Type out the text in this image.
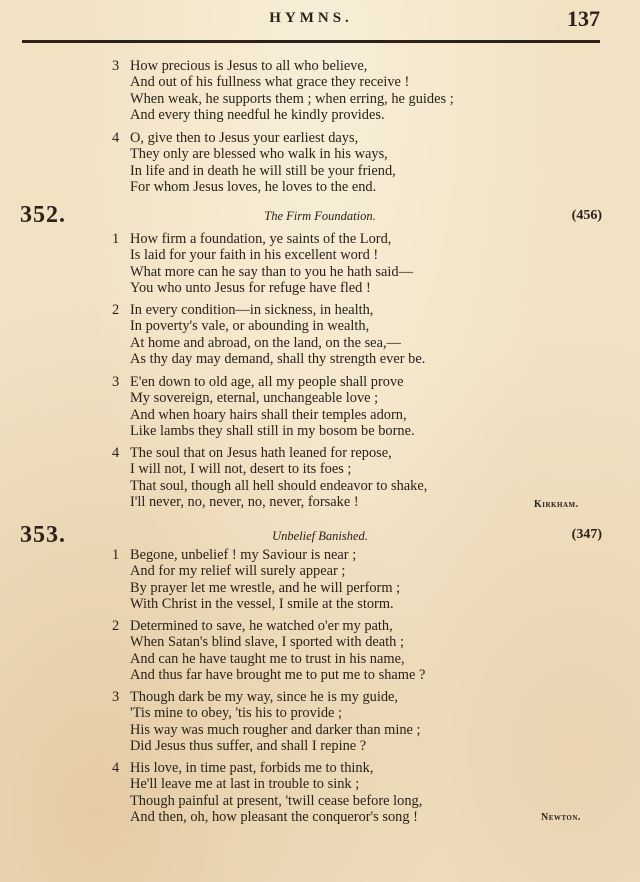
HYMNS.	137
3 How precious is Jesus to all who believe,
And out of his fullness what grace they receive !
When weak, he supports them ; when erring, he guides ;
And every thing needful he kindly provides.
4 O, give then to Jesus your earliest days,
They only are blessed who walk in his ways,
In life and in death he will still be your friend,
For whom Jesus loves, he loves to the end.
352.	The Firm Foundation.	(456)
1 How firm a foundation, ye saints of the Lord,
Is laid for your faith in his excellent word !
What more can he say than to you he hath said—
You who unto Jesus for refuge have fled !
2 In every condition—in sickness, in health,
In poverty's vale, or abounding in wealth,
At home and abroad, on the land, on the sea,—
As thy day may demand, shall thy strength ever be.
3 E'en down to old age, all my people shall prove
My sovereign, eternal, unchangeable love ;
And when hoary hairs shall their temples adorn,
Like lambs they shall still in my bosom be borne.
4 The soul that on Jesus hath leaned for repose,
I will not, I will not, desert to its foes ;
That soul, though all hell should endeavor to shake,
I'll never, no, never, no, never, forsake !	Kirkham.
353.	Unbelief Banished.	(347)
1 Begone, unbelief ! my Saviour is near ;
And for my relief will surely appear ;
By prayer let me wrestle, and he will perform ;
With Christ in the vessel, I smile at the storm.
2 Determined to save, he watched o'er my path,
When Satan's blind slave, I sported with death ;
And can he have taught me to trust in his name,
And thus far have brought me to put me to shame ?
3 Though dark be my way, since he is my guide,
'Tis mine to obey, 'tis his to provide ;
His way was much rougher and darker than mine ;
Did Jesus thus suffer, and shall I repine ?
4 His love, in time past, forbids me to think,
He'll leave me at last in trouble to sink ;
Though painful at present, 'twill cease before long,
And then, oh, how pleasant the conqueror's song !	Newton.
